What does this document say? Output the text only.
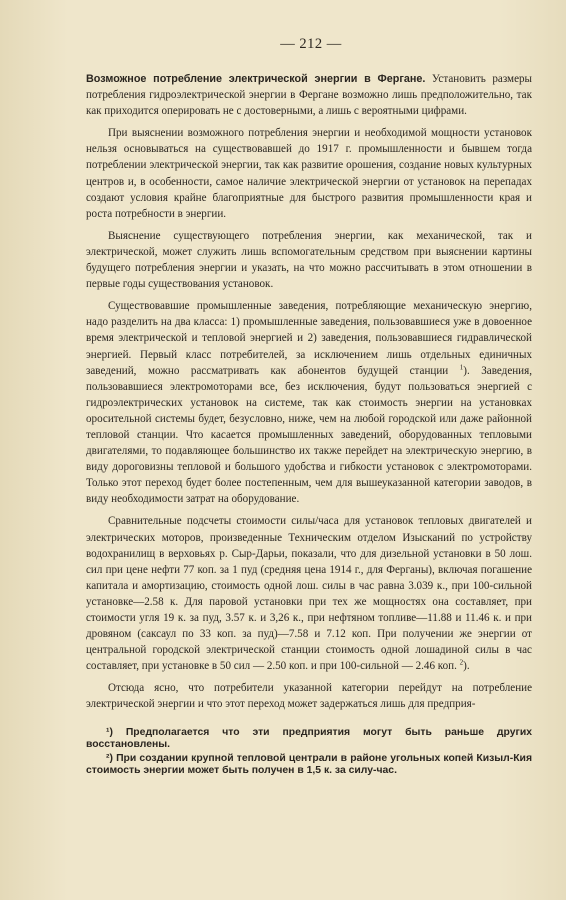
— 212 —

Возможное потребление электрической энергии в Фергане. Установить размеры потребления гидроэлектрической энергии в Фергане возможно лишь предположительно, так как приходится оперировать не с достоверными, а лишь с вероятными цифрами.

При выяснении возможного потребления энергии и необходимой мощности установок нельзя основываться на существовавшей до 1917 г. промышленности и бывшем тогда потреблении электрической энергии, так как развитие орошения, создание новых культурных центров и, в особенности, самое наличие электрической энергии от установок на перепадах создают условия крайне благоприятные для быстрого развития промышленности края и роста потребности в энергии.

Выяснение существующего потребления энергии, как механической, так и электрической, может служить лишь вспомогательным средством при выяснении картины будущего потребления энергии и указать, на что можно рассчитывать в этом отношении в первые годы существования установок.

Существовавшие промышленные заведения, потребляющие механическую энергию, надо разделить на два класса: 1) промышленные заведения, пользовавшиеся уже в довоенное время электрической и тепловой энергией и 2) заведения, пользовавшиеся гидравлической энергией. Первый класс потребителей, за исключением лишь отдельных единичных заведений, можно рассматривать как абонентов будущей станции $^1$). Заведения, пользовавшиеся электромоторами все, без исключения, будут пользоваться энергией с гидроэлектрических установок на системе, так как стоимость энергии на установках оросительной системы будет, безусловно, ниже, чем на любой городской или даже районной тепловой станции. Что касается промышленных заведений, оборудованных тепловыми двигателями, то подавляющее большинство их также перейдет на электрическую энергию, в виду дороговизны тепловой и большого удобства и гибкости установок с электромоторами. Только этот переход будет более постепенным, чем для вышеуказанной категории заводов, в виду необходимости затрат на оборудование.

Сравнительные подсчеты стоимости силы/часа для установок тепловых двигателей и электрических моторов, произведенные Техническим отделом Изысканий по устройству водохранилищ в верховьях р. Сыр-Дарьи, показали, что для дизельной установки в 50 лош. сил при цене нефти 77 коп. за 1 пуд (средняя цена 1914 г., для Ферганы), включая погашение капитала и амортизацию, стоимость одной лош. силы в час равна 3.039 к., при 100-сильной установке—2.58 к. Для паровой установки при тех же мощностях она составляет, при стоимости угля 19 к. за пуд, 3.57 к. и 3,26 к., при нефтяном топливе—11.88 и 11.46 к. и при дровяном (саксаул по 33 коп. за пуд)—7.58 и 7.12 коп. При получении же энергии от центральной городской электрической станции стоимость одной лошадиной силы в час составляет, при установке в 50 сил — 2.50 коп. и при 100-сильной — 2.46 коп. $^2$).

Отсюда ясно, что потребители указанной категории перейдут на потребление электрической энергии и что этот переход может задержаться лишь для предприя-

¹) Предполагается что эти предприятия могут быть раньше других восстановлены.
²) При создании крупной тепловой централи в районе угольных копей Кизыл-Кия стоимость энергии может быть получен в 1,5 к. за силу-час.
